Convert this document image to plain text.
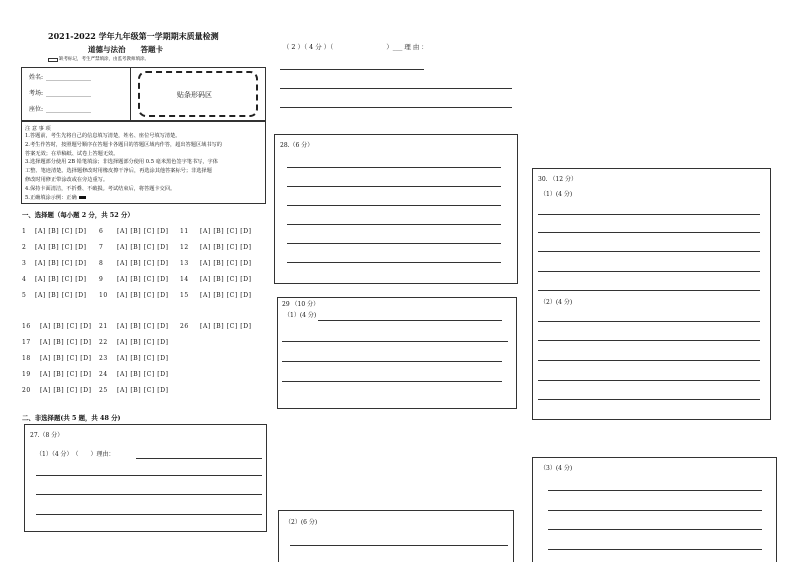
2021-2022 学年九年级第一学期期末质量检测
道德与法治　　答题卡
缺考标记，考生严禁填涂，由监考教师填涂。
姓名: _______________
考场: _______________
座位: _______________
贴条形码区
注 意 事 项
1.答题前，考生先将自己的信息填写清楚，姓名、座位号填写清楚。
2.考生作答时，按照题号顺序在答题卡各题目的答题区域内作答，超出答题区域书写的
答案无效；在草稿纸、试卷上答题无效。
3.选择题部分使用 2B 铅笔填涂；非选择题部分使用 0.5 毫米黑色签字笔书写，字体
工整、笔迹清楚。选择题修改时用橡皮擦干净后，再选涂其他答案标号；非选择题
修改时用修正带涂改或在旁边重写。
4.保持卡面清洁，不折叠、不破损。考试结束后，将答题卡交回。
5.正确填涂示例：正确
一、选择题（每小题 2 分，共 52 分）
1 [A] [B] [C] [D] 6 [A] [B] [C] [D] 11 [A] [B] [C] [D]
2 [A] [B] [C] [D] 7 [A] [B] [C] [D] 12 [A] [B] [C] [D]
3 [A] [B] [C] [D] 8 [A] [B] [C] [D] 13 [A] [B] [C] [D]
4 [A] [B] [C] [D] 9 [A] [B] [C] [D] 14 [A] [B] [C] [D]
5 [A] [B] [C] [D] 10 [A] [B] [C] [D] 15 [A] [B] [C] [D]
16 [A] [B] [C] [D] 21 [A] [B] [C] [D] 26 [A] [B] [C] [D]
17 [A] [B] [C] [D] 22 [A] [B] [C] [D]
18 [A] [B] [C] [D] 23 [A] [B] [C] [D]
19 [A] [B] [C] [D] 24 [A] [B] [C] [D]
20 [A] [B] [C] [D] 25 [A] [B] [C] [D]
二、非选择题(共 5 题，共 48 分)
27.（8 分）
（1）（4 分）　（　　）理由：
（ 2 ）（ 4 分 ）（　　　　　　　　 ）___ 理 由 ：
28.（6 分）
29 （10 分）
（1）(4 分)
（2）(6 分)
30. （12 分）
（1）(4 分)
（2）(4 分)
（3）(4 分)
